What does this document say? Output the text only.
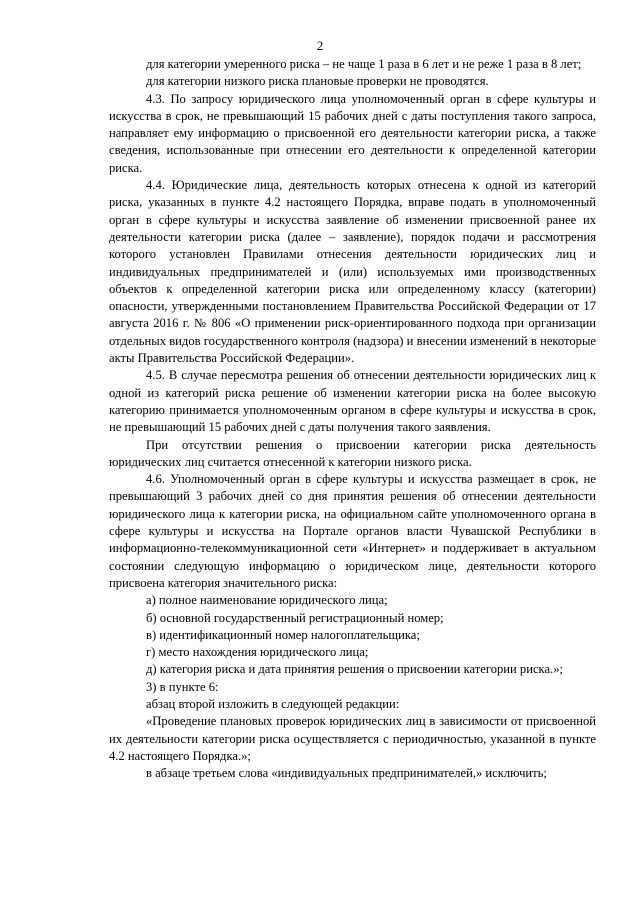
2

для категории умеренного риска – не чаще 1 раза в 6 лет и не реже 1 раза в 8 лет;

для категории низкого риска плановые проверки не проводятся.

4.3. По запросу юридического лица уполномоченный орган в сфере культуры и искусства в срок, не превышающий 15 рабочих дней с даты поступления такого запроса, направляет ему информацию о присвоенной его деятельности категории риска, а также сведения, использованные при отнесении его деятельности к определенной категории риска.

4.4. Юридические лица, деятельность которых отнесена к одной из категорий риска, указанных в пункте 4.2 настоящего Порядка, вправе подать в уполномоченный орган в сфере культуры и искусства заявление об изменении присвоенной ранее их деятельности категории риска (далее – заявление), порядок подачи и рассмотрения которого установлен Правилами отнесения деятельности юридических лиц и индивидуальных предпринимателей и (или) используемых ими производственных объектов к определенной категории риска или определенному классу (категории) опасности, утвержденными постановлением Правительства Российской Федерации от 17 августа 2016 г. № 806 «О применении риск-ориентированного подхода при организации отдельных видов государственного контроля (надзора) и внесении изменений в некоторые акты Правительства Российской Федерации».

4.5. В случае пересмотра решения об отнесении деятельности юридических лиц к одной из категорий риска решение об изменении категории риска на более высокую категорию принимается уполномоченным органом в сфере культуры и искусства в срок, не превышающий 15 рабочих дней с даты получения такого заявления.

При отсутствии решения о присвоении категории риска деятельность юридических лиц считается отнесенной к категории низкого риска.

4.6. Уполномоченный орган в сфере культуры и искусства размещает в срок, не превышающий 3 рабочих дней со дня принятия решения об отнесении деятельности юридического лица к категории риска, на официальном сайте уполномоченного органа в сфере культуры и искусства на Портале органов власти Чувашской Республики в информационно-телекоммуникационной сети «Интернет» и поддерживает в актуальном состоянии следующую информацию о юридическом лице, деятельности которого присвоена категория значительного риска:

а) полное наименование юридического лица;

б) основной государственный регистрационный номер;

в) идентификационный номер налогоплательщика;

г) место нахождения юридического лица;

д) категория риска и дата принятия решения о присвоении категории риска.»;

3) в пункте 6:

абзац второй изложить в следующей редакции:

«Проведение плановых проверок юридических лиц в зависимости от присвоенной их деятельности категории риска осуществляется с периодичностью, указанной в пункте 4.2 настоящего Порядка.»;

в абзаце третьем слова «индивидуальных предпринимателей,» исключить;
